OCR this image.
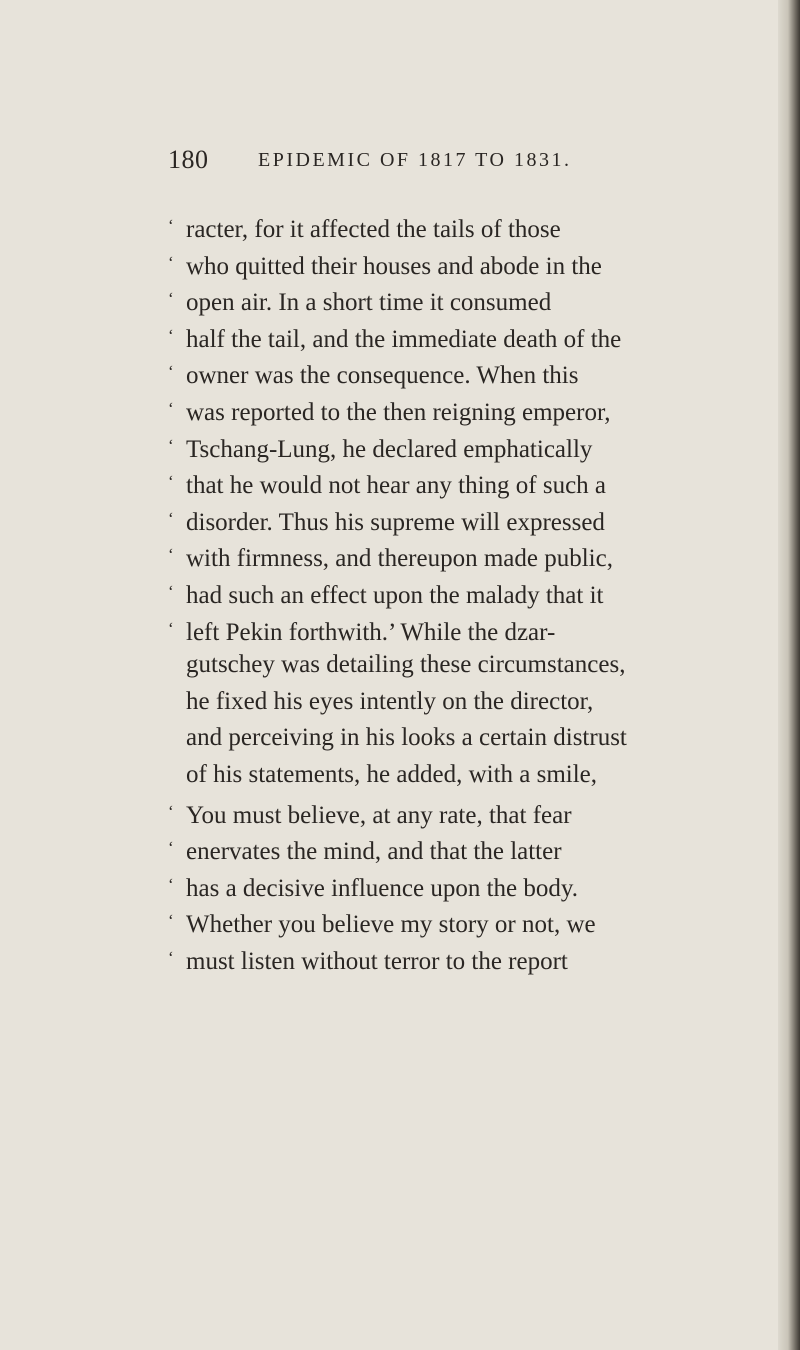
180 EPIDEMIC OF 1817 TO 1831.
‘ racter, for it affected the tails of those
‘ who quitted their houses and abode in the
‘ open air. In a short time it consumed
‘ half the tail, and the immediate death of the
‘ owner was the consequence. When this
‘ was reported to the then reigning emperor,
‘ Tschang-Lung, he declared emphatically
‘ that he would not hear any thing of such a
‘ disorder. Thus his supreme will expressed
‘ with firmness, and thereupon made public,
‘ had such an effect upon the malady that it
‘ left Pekin forthwith.’ While the dzar-
gutschey was detailing these circumstances,
he fixed his eyes intently on the director,
and perceiving in his looks a certain distrust
of his statements, he added, with a smile,
‘ You must believe, at any rate, that fear
‘ enervates the mind, and that the latter
‘ has a decisive influence upon the body.
‘ Whether you believe my story or not, we
‘ must listen without terror to the report
